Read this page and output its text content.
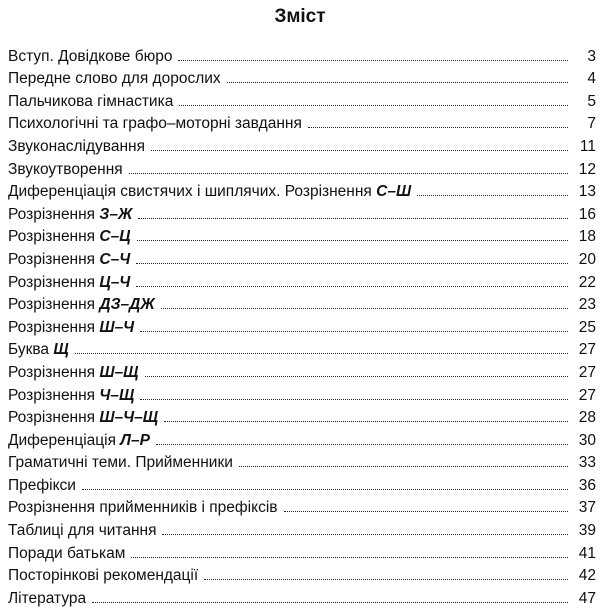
Зміст
Вступ. Довідкове бюро	3
Передне слово для дорослих	4
Пальчикова гімнастика	5
Психологічні та графо–моторні завдання	7
Звуконаслідування	11
Звукоутворення	12
Диференціація свистячих і шиплячих. Розрізнення С–Ш	13
Розрізнення З–Ж	16
Розрізнення С–Ц	18
Розрізнення С–Ч	20
Розрізнення Ц–Ч	22
Розрізнення ДЗ–ДЖ	23
Розрізнення Ш–Ч	25
Буква Щ	27
Розрізнення Ш–Щ	27
Розрізнення Ч–Щ	27
Розрізнення Ш–Ч–Щ	28
Диференціація Л–Р	30
Граматичні теми. Прийменники	33
Префікси	36
Розрізнення прийменників і префіксів	37
Таблиці для читання	39
Поради батькам	41
Посторінкові рекомендації	42
Література	47
